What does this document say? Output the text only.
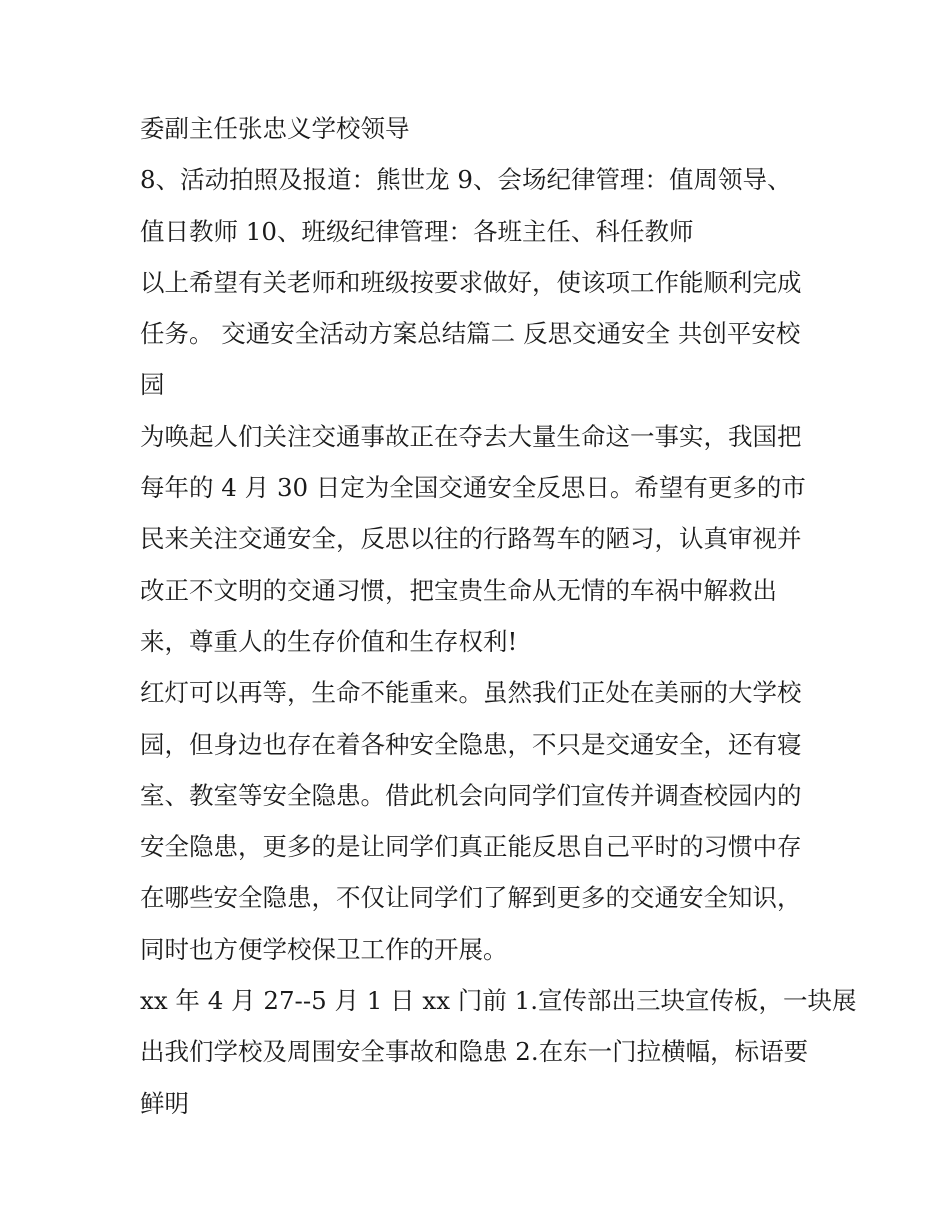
委副主任张忠义学校领导

8、活动拍照及报道：熊世龙 9、会场纪律管理：值周领导、
值日教师 10、班级纪律管理：各班主任、科任教师

以上希望有关老师和班级按要求做好，使该项工作能顺利完成
任务。 交通安全活动方案总结篇二 反思交通安全 共创平安校
园

为唤起人们关注交通事故正在夺去大量生命这一事实，我国把
每年的 4 月 30 日定为全国交通安全反思日。希望有更多的市
民来关注交通安全，反思以往的行路驾车的陋习，认真审视并
改正不文明的交通习惯，把宝贵生命从无情的车祸中解救出
来，尊重人的生存价值和生存权利!

红灯可以再等，生命不能重来。虽然我们正处在美丽的大学校
园，但身边也存在着各种安全隐患，不只是交通安全，还有寝
室、教室等安全隐患。借此机会向同学们宣传并调查校园内的
安全隐患，更多的是让同学们真正能反思自己平时的习惯中存
在哪些安全隐患，不仅让同学们了解到更多的交通安全知识，
同时也方便学校保卫工作的开展。

xx 年 4 月 27--5 月 1 日 xx 门前 1.宣传部出三块宣传板，一块展
出我们学校及周围安全事故和隐患 2.在东一门拉横幅，标语要
鲜明
